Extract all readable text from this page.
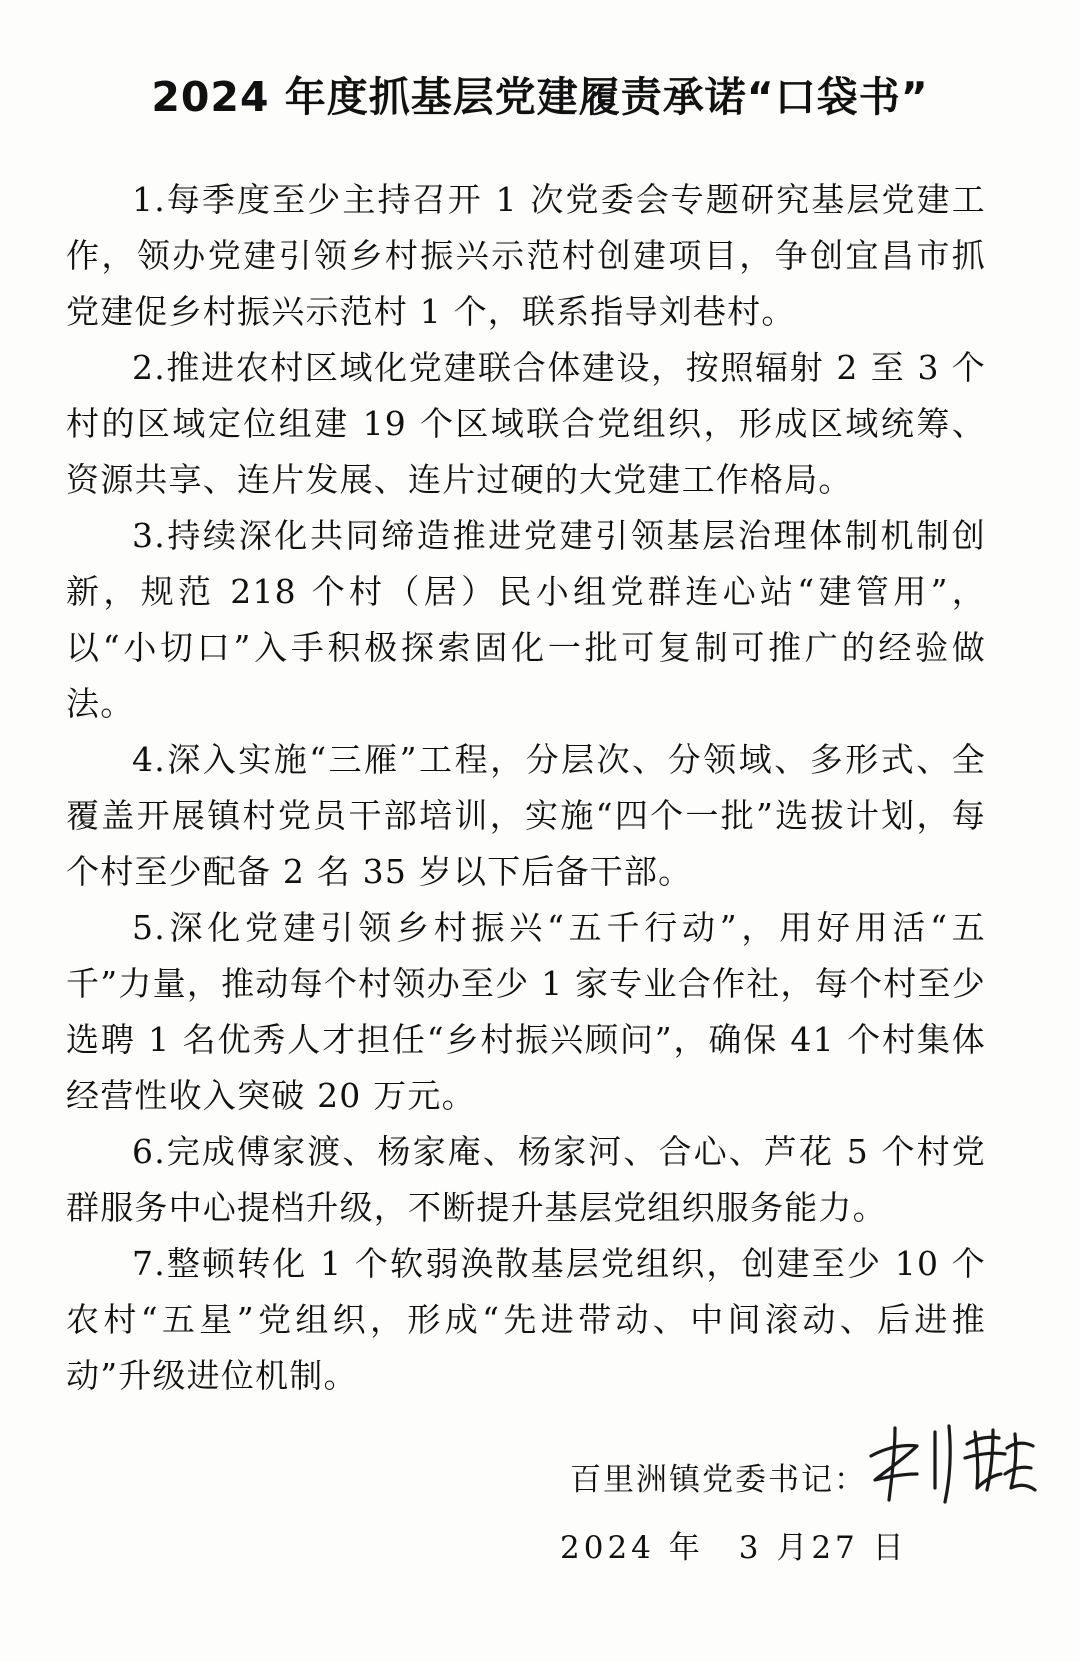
2024 年度抓基层党建履责承诺“口袋书”

1.每季度至少主持召开 1 次党委会专题研究基层党建工作，领办党建引领乡村振兴示范村创建项目，争创宜昌市抓党建促乡村振兴示范村 1 个，联系指导刘巷村。

2.推进农村区域化党建联合体建设，按照辐射 2 至 3 个村的区域定位组建 19 个区域联合党组织，形成区域统筹、资源共享、连片发展、连片过硬的大党建工作格局。

3.持续深化共同缔造推进党建引领基层治理体制机制创新，规范 218 个村（居）民小组党群连心站“建管用”，以“小切口”入手积极探索固化一批可复制可推广的经验做法。

4.深入实施“三雁”工程，分层次、分领域、多形式、全覆盖开展镇村党员干部培训，实施“四个一批”选拔计划，每个村至少配备 2 名 35 岁以下后备干部。

5.深化党建引领乡村振兴“五千行动”，用好用活“五千”力量，推动每个村领办至少 1 家专业合作社，每个村至少选聘 1 名优秀人才担任“乡村振兴顾问”，确保 41 个村集体经营性收入突破 20 万元。

6.完成傅家渡、杨家庵、杨家河、合心、芦花 5 个村党群服务中心提档升级，不断提升基层党组织服务能力。

7.整顿转化 1 个软弱涣散基层党组织，创建至少 10 个农村“五星”党组织，形成“先进带动、中间滚动、后进推动”升级进位机制。

百里洲镇党委书记：
2024 年　3 月27 日
